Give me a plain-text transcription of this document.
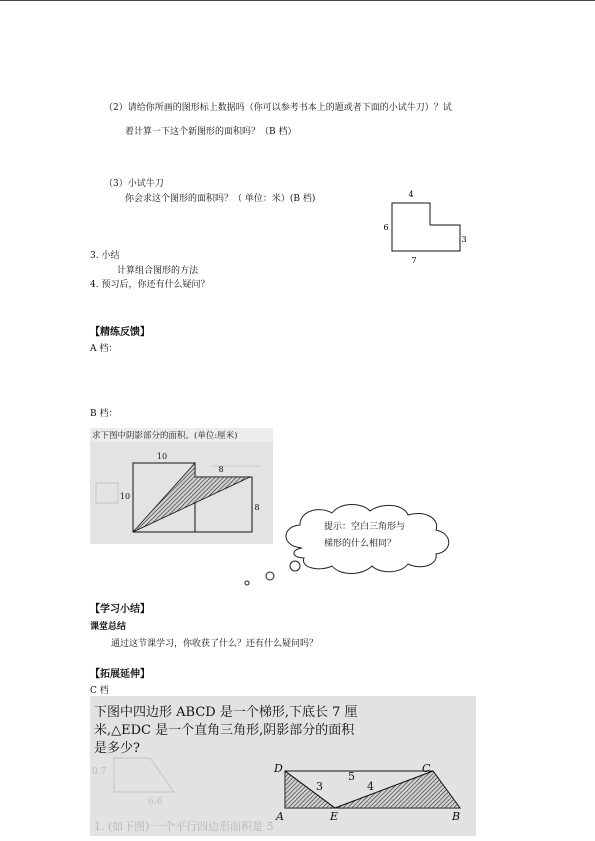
（2）请给你所画的图形标上数据吗（你可以参考书本上的题或者下面的小试牛刀）？试
着计算一下这个新图形的面积吗？（B 档）
（3）小试牛刀
你会求这个图形的面积吗？（ 单位：米）(B 档)	4
6
3
7
3. 小结
计算组合图形的方法
4. 预习后，你还有什么疑问？
【精练反馈】
A 档：
B 档：
求下图中阴影部分的面积。(单位:厘米)
10
10
8
8
提示：空白三角形与
梯形的什么相同？
【学习小结】
课堂总结
通过这节课学习，你收获了什么？还有什么疑问吗？
【拓展延伸】
C 档
下图中四边形 ABCD 是一个梯形,下底长 7 厘
米,△EDC 是一个直角三角形,阴影部分的面积
是多少?
0.7
6.6
1. (如下图) 一个平行四边形面积是 5
D	C
A	E	B
5
3	4
